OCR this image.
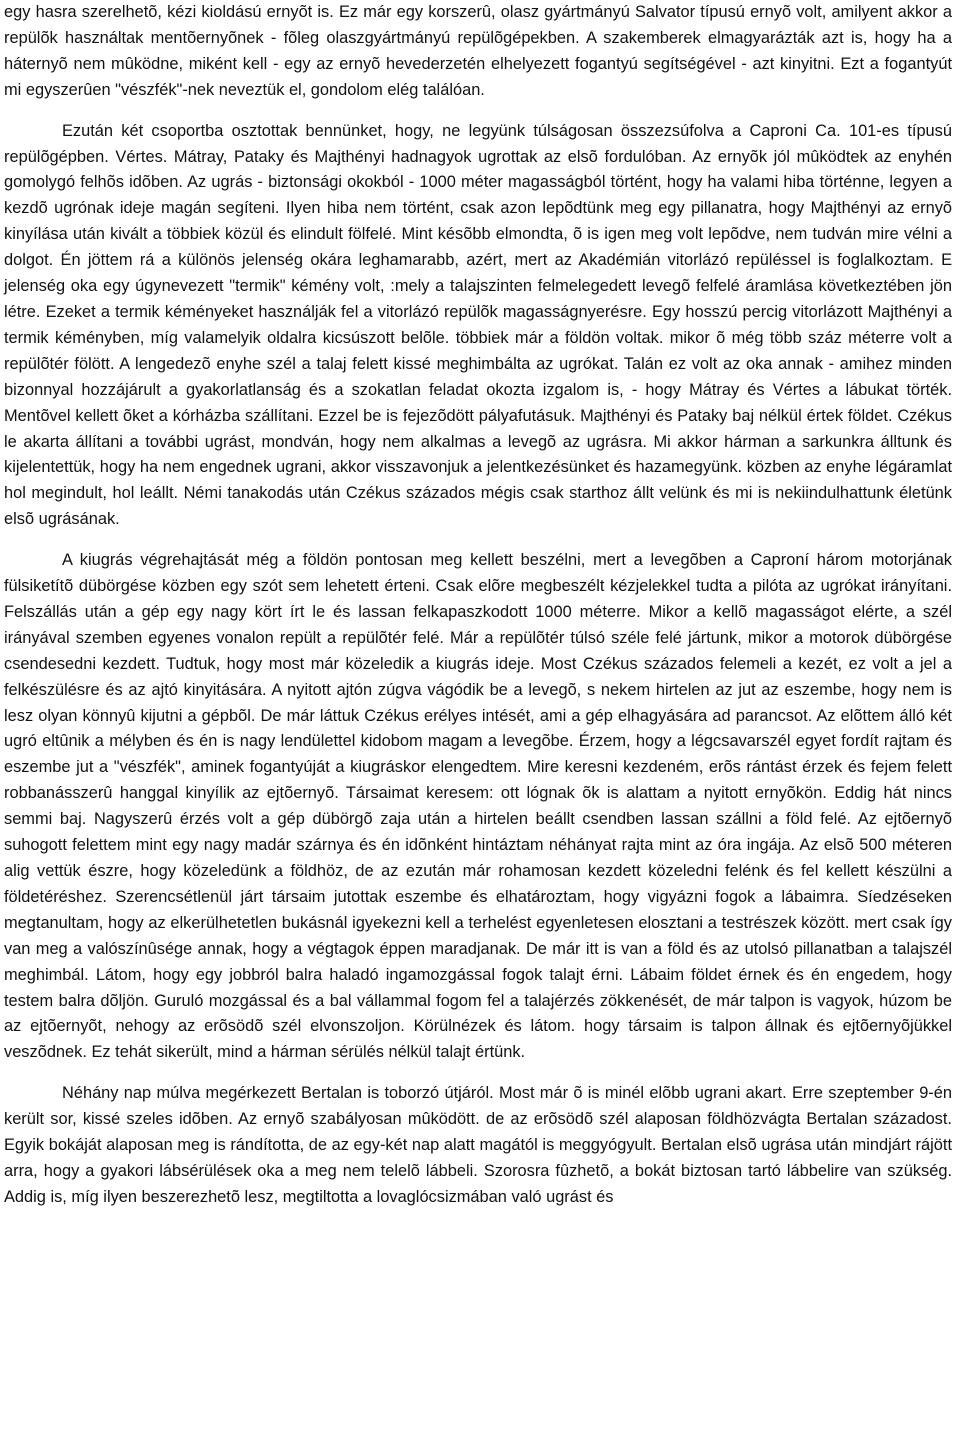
egy hasra szerelhetõ, kézi kioldású ernyõt is. Ez már egy korszerû, olasz gyártmányú Salvator típusú ernyõ volt, amilyent akkor a repülõk használtak mentõernyõnek - fõleg olaszgyártmányú repülõgépekben. A szakemberek elmagyarázták azt is, hogy ha a háternyõ nem mûködne, miként kell - egy az ernyõ hevederzetén elhelyezett fogantyú segítségével - azt kinyitni. Ezt a fogantyút mi egyszerûen "vészfék"-nek neveztük el, gondolom elég találóan.

Ezután két csoportba osztottak bennünket, hogy, ne legyünk túlságosan összezsúfolva a Caproni Ca. 101-es típusú repülõgépben. Vértes. Mátray, Pataky és Majthényi hadnagyok ugrottak az elsõ fordulóban. Az ernyõk jól mûködtek az enyhén gomolygó felhõs idõben. Az ugrás - biztonsági okokból - 1000 méter magasságból történt, hogy ha valami hiba történne, legyen a kezdõ ugrónak ideje magán segíteni. Ilyen hiba nem történt, csak azon lepõdtünk meg egy pillanatra, hogy Majthényi az ernyõ kinyílása után kivált a többiek közül és elindult fölfelé. Mint késõbb elmondta, õ is igen meg volt lepõdve, nem tudván mire vélni a dolgot. Én jöttem rá a különös jelenség okára leghamarabb, azért, mert az Akadémián vitorlázó repüléssel is foglalkoztam. E jelenség oka egy úgynevezett "termik" kémény volt, :mely a talajszinten felmelegedett levegõ felfelé áramlása következtében jön létre. Ezeket a termik kéményeket használják fel a vitorlázó repülõk magasságnyerésre. Egy hosszú percig vitorlázott Majthényi a termik kéményben, míg valamelyik oldalra kicsúszott belõle. többiek már a földön voltak. mikor õ még több száz méterre volt a repülõtér fölött. A lengedezõ enyhe szél a talaj felett kissé meghimbálta az ugrókat. Talán ez volt az oka annak - amihez minden bizonnyal hozzájárult a gyakorlatlanság és a szokatlan feladat okozta izgalom is, - hogy Mátray és Vértes a lábukat törték. Mentõvel kellett õket a kórházba szállítani. Ezzel be is fejezõdött pályafutásuk. Majthényi és Pataky baj nélkül értek földet. Czékus le akarta állítani a további ugrást, mondván, hogy nem alkalmas a levegõ az ugrásra. Mi akkor hárman a sarkunkra álltunk és kijelentettük, hogy ha nem engednek ugrani, akkor visszavonjuk a jelentkezésünket és hazamegyünk. közben az enyhe légáramlat hol megindult, hol leállt. Némi tanakodás után Czékus százados mégis csak starthoz állt velünk és mi is nekiindulhattunk életünk elsõ ugrásának.

A kiugrás végrehajtását még a földön pontosan meg kellett beszélni, mert a levegõben a Caproní három motorjának fülsiketítõ dübörgése közben egy szót sem lehetett érteni. Csak elõre megbeszélt kézjelekkel tudta a pilóta az ugrókat irányítani. Felszállás után a gép egy nagy kört írt le és lassan felkapaszkodott 1000 méterre. Mikor a kellõ magasságot elérte, a szél irányával szemben egyenes vonalon repült a repülõtér felé. Már a repülõtér túlsó széle felé jártunk, mikor a motorok dübörgése csendesedni kezdett. Tudtuk, hogy most már közeledik a kiugrás ideje. Most Czékus százados felemeli a kezét, ez volt a jel a felkészülésre és az ajtó kinyitására. A nyitott ajtón zúgva vágódik be a levegõ, s nekem hirtelen az jut az eszembe, hogy nem is lesz olyan könnyû kijutni a gépbõl. De már láttuk Czékus erélyes intését, ami a gép elhagyására ad parancsot. Az elõttem álló két ugró eltûnik a mélyben és én is nagy lendülettel kidobom magam a levegõbe. Érzem, hogy a légcsavarszél egyet fordít rajtam és eszembe jut a "vészfék", aminek fogantyúját a kiugráskor elengedtem. Mire keresni kezdeném, erõs rántást érzek és fejem felett robbanásszerû hanggal kinyílik az ejtõernyõ. Társaimat keresem: ott lógnak õk is alattam a nyitott ernyõkön. Eddig hát nincs semmi baj. Nagyszerû érzés volt a gép dübörgõ zaja után a hirtelen beállt csendben lassan szállni a föld felé. Az ejtõernyõ suhogott felettem mint egy nagy madár szárnya és én idõnként hintáztam néhányat rajta mint az óra ingája. Az elsõ 500 méteren alig vettük észre, hogy közeledünk a földhöz, de az ezután már rohamosan kezdett közeledni felénk és fel kellett készülni a földetéréshez. Szerencsétlenül járt társaim jutottak eszembe és elhatároztam, hogy vigyázni fogok a lábaimra. Síedzéseken megtanultam, hogy az elkerülhetetlen bukásnál igyekezni kell a terhelést egyenletesen elosztani a testrészek között. mert csak így van meg a valószínûsége annak, hogy a végtagok éppen maradjanak. De már itt is van a föld és az utolsó pillanatban a talajszél meghimbál. Látom, hogy egy jobbról balra haladó ingamozgással fogok talajt érni. Lábaim földet érnek és én engedem, hogy testem balra dõljön. Guruló mozgással és a bal vállammal fogom fel a talajérzés zökkenését, de már talpon is vagyok, húzom be az ejtõernyõt, nehogy az erõsödõ szél elvonszoljon. Körülnézek és látom. hogy társaim is talpon állnak és ejtõernyõjükkel veszõdnek. Ez tehát sikerült, mind a hárman sérülés nélkül talajt értünk.

Néhány nap múlva megérkezett Bertalan is toborzó útjáról. Most már õ is minél elõbb ugrani akart. Erre szeptember 9-én került sor, kissé szeles idõben. Az ernyõ szabályosan mûködött. de az erõsödõ szél alaposan földhözvágta Bertalan századost. Egyik bokáját alaposan meg is rándította, de az egy-két nap alatt magától is meggyógyult. Bertalan elsõ ugrása után mindjárt rájött arra, hogy a gyakori lábsérülések oka a meg nem telelõ lábbeli. Szorosra fûzhetõ, a bokát biztosan tartó lábbelire van szükség. Addig is, míg ilyen beszerezhetõ lesz, megtiltotta a lovaglócsizmában való ugrást és
